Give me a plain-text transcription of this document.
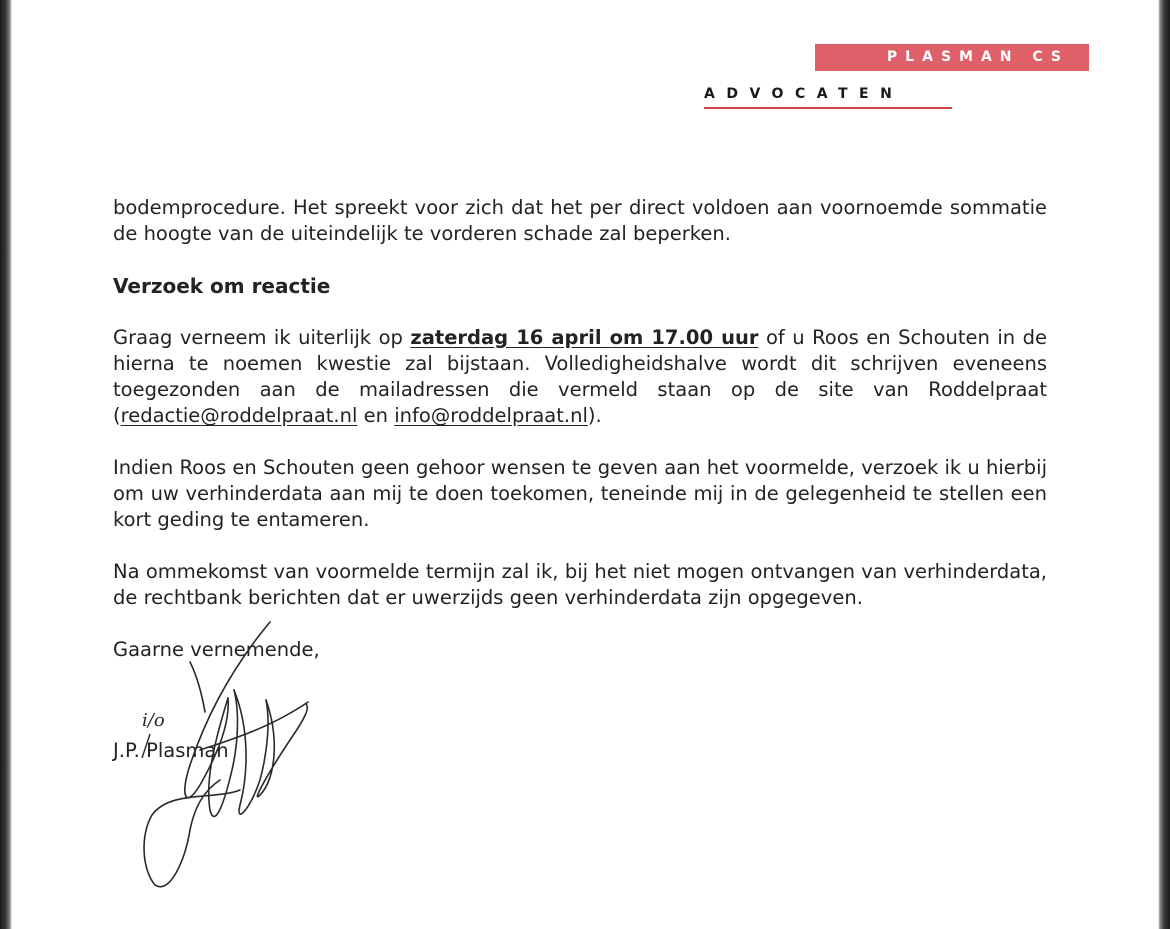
PLASMAN CS
ADVOCATEN

bodemprocedure. Het spreekt voor zich dat het per direct voldoen aan voornoemde sommatie de hoogte van de uiteindelijk te vorderen schade zal beperken.

Verzoek om reactie

Graag verneem ik uiterlijk op zaterdag 16 april om 17.00 uur of u Roos en Schouten in de hierna te noemen kwestie zal bijstaan. Volledigheidshalve wordt dit schrijven eveneens toegezonden aan de mailadressen die vermeld staan op de site van Roddelpraat (redactie@roddelpraat.nl en info@roddelpraat.nl).

Indien Roos en Schouten geen gehoor wensen te geven aan het voormelde, verzoek ik u hierbij om uw verhinderdata aan mij te doen toekomen, teneinde mij in de gelegenheid te stellen een kort geding te entameren.

Na ommekomst van voormelde termijn zal ik, bij het niet mogen ontvangen van verhinderdata, de rechtbank berichten dat er uwerzijds geen verhinderdata zijn opgegeven.

Gaarne vernemende,

J.P. Plasman

i/o
